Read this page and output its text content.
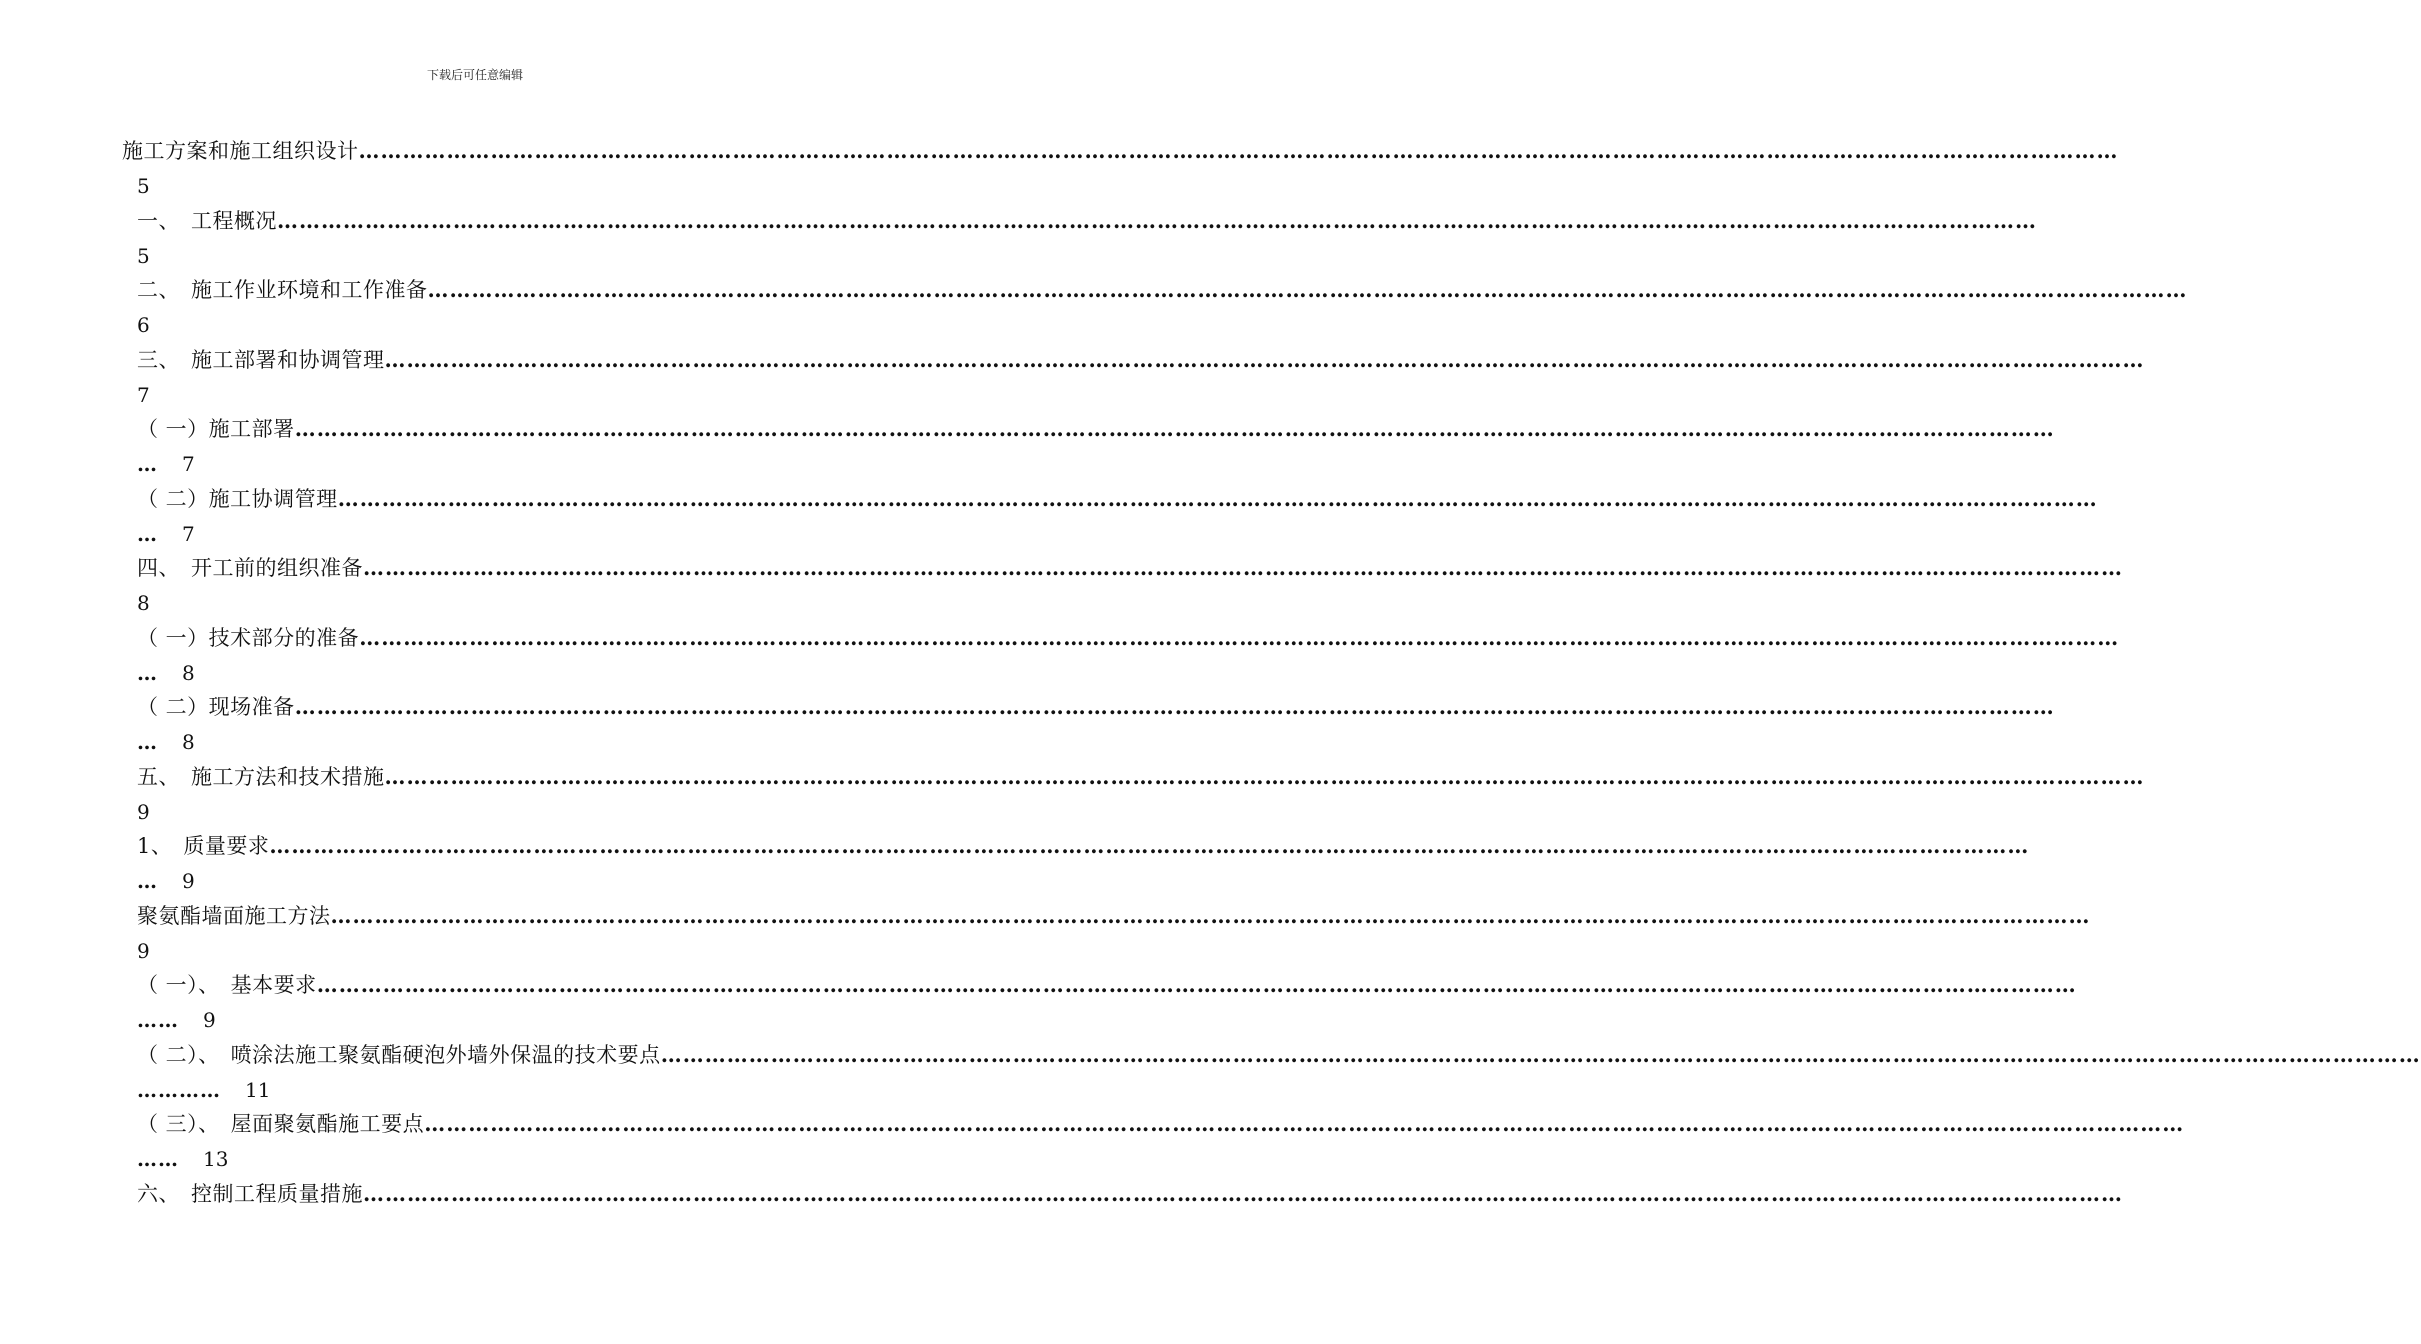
下载后可任意编辑
施工方案和施工组织设计……………………………………………………………………………………………………………………………………………………………………………………………………………………
5
一、　工程概况……………………………………………………………………………………………………………………………………………………………………………………………………………………
5
二、　施工作业环境和工作准备……………………………………………………………………………………………………………………………………………………………………………………………………………………
6
三、　施工部署和协调管理……………………………………………………………………………………………………………………………………………………………………………………………………………………
7
（ 一）施工部署……………………………………………………………………………………………………………………………………………………………………………………………………………………
… 7
（ 二）施工协调管理……………………………………………………………………………………………………………………………………………………………………………………………………………………
… 7
四、　开工前的组织准备……………………………………………………………………………………………………………………………………………………………………………………………………………………
8
（ 一）技术部分的准备……………………………………………………………………………………………………………………………………………………………………………………………………………………
… 8
（ 二）现场准备……………………………………………………………………………………………………………………………………………………………………………………………………………………
… 8
五、　施工方法和技术措施……………………………………………………………………………………………………………………………………………………………………………………………………………………
9
1、　质量要求……………………………………………………………………………………………………………………………………………………………………………………………………………………
… 9
聚氨酯墙面施工方法……………………………………………………………………………………………………………………………………………………………………………………………………………………
9
（ 一）、　基本要求……………………………………………………………………………………………………………………………………………………………………………………………………………………
…… 9
（ 二）、　喷涂法施工聚氨酯硬泡外墙外保温的技术要点……………………………………………………………………………………………………………………………………………………………………………………………………………………
………… 11
（ 三）、　屋面聚氨酯施工要点……………………………………………………………………………………………………………………………………………………………………………………………………………………
…… 13
六、　控制工程质量措施……………………………………………………………………………………………………………………………………………………………………………………………………………………
